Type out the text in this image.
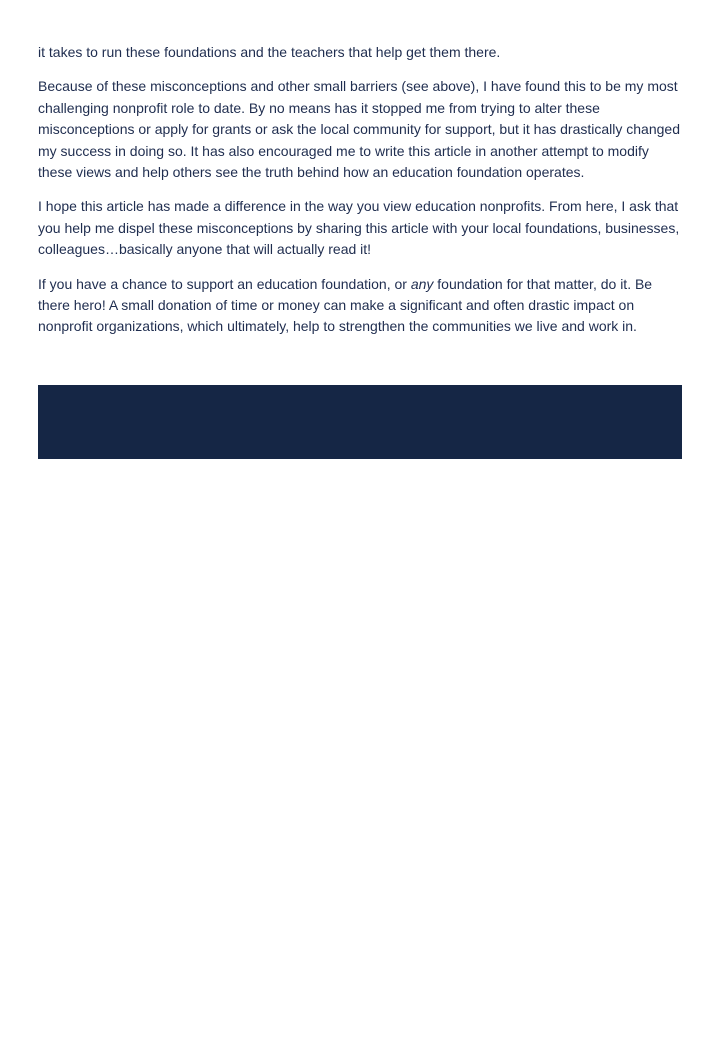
it takes to run these foundations and the teachers that help get them there.

Because of these misconceptions and other small barriers (see above), I have found this to be my most challenging nonprofit role to date. By no means has it stopped me from trying to alter these misconceptions or apply for grants or ask the local community for support, but it has drastically changed my success in doing so. It has also encouraged me to write this article in another attempt to modify these views and help others see the truth behind how an education foundation operates.

I hope this article has made a difference in the way you view education nonprofits. From here, I ask that you help me dispel these misconceptions by sharing this article with your local foundations, businesses, colleagues…basically anyone that will actually read it!

If you have a chance to support an education foundation, or any foundation for that matter, do it. Be there hero! A small donation of time or money can make a significant and often drastic impact on nonprofit organizations, which ultimately, help to strengthen the communities we live and work in.
